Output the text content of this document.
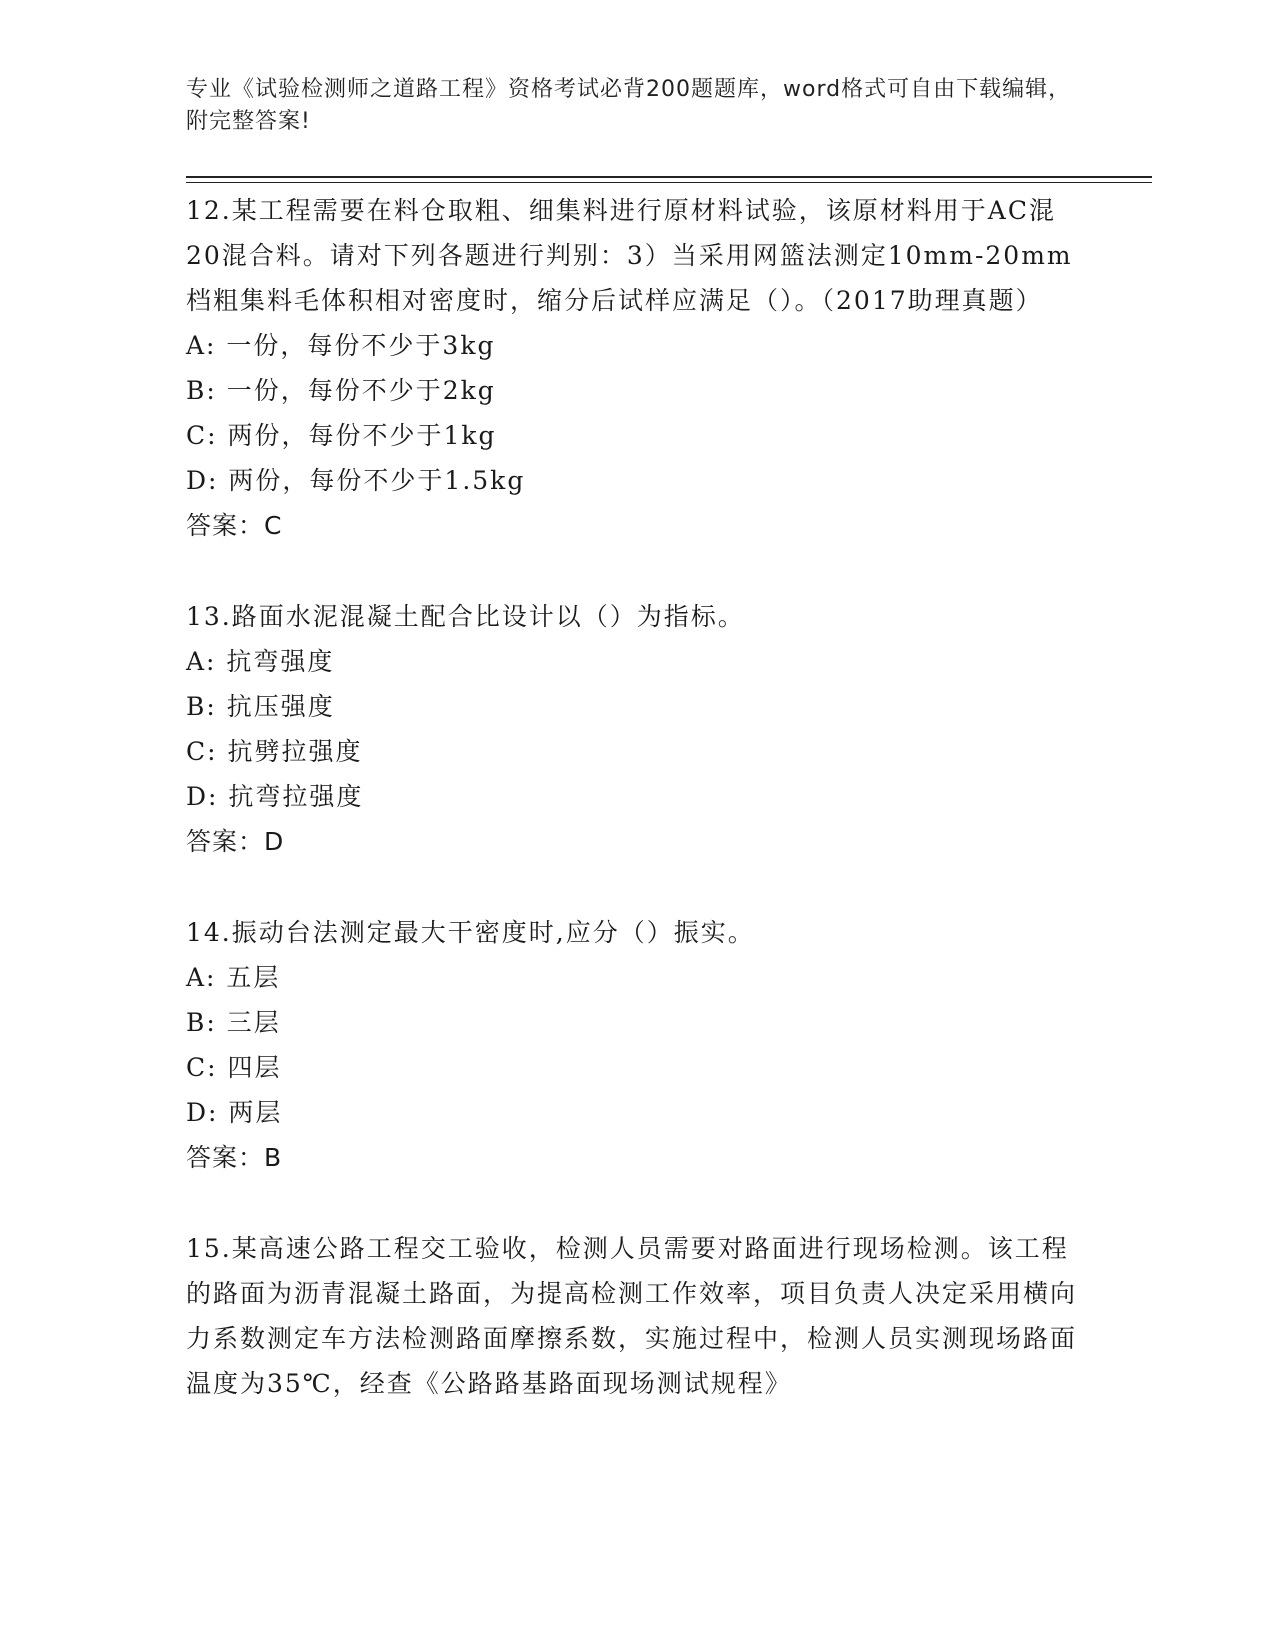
专业《试验检测师之道路工程》资格考试必背200题题库，word格式可自由下载编辑，附完整答案!

12.某工程需要在料仓取粗、细集料进行原材料试验，该原材料用于AC混20混合料。请对下列各题进行判别：3）当采用网篮法测定10mm-20mm档粗集料毛体积相对密度时，缩分后试样应满足（）。（2017助理真题）

A: 一份，每份不少于3kg

B: 一份，每份不少于2kg

C: 两份，每份不少于1kg

D: 两份，每份不少于1.5kg

答案：C

13.路面水泥混凝土配合比设计以（）为指标。

A: 抗弯强度

B: 抗压强度

C: 抗劈拉强度

D: 抗弯拉强度

答案：D

14.振动台法测定最大干密度时,应分（）振实。

A: 五层

B: 三层

C: 四层

D: 两层

答案：B

15.某高速公路工程交工验收，检测人员需要对路面进行现场检测。该工程的路面为沥青混凝土路面，为提高检测工作效率，项目负责人决定采用横向力系数测定车方法检测路面摩擦系数，实施过程中，检测人员实测现场路面温度为35℃，经查《公路路基路面现场测试规程》
